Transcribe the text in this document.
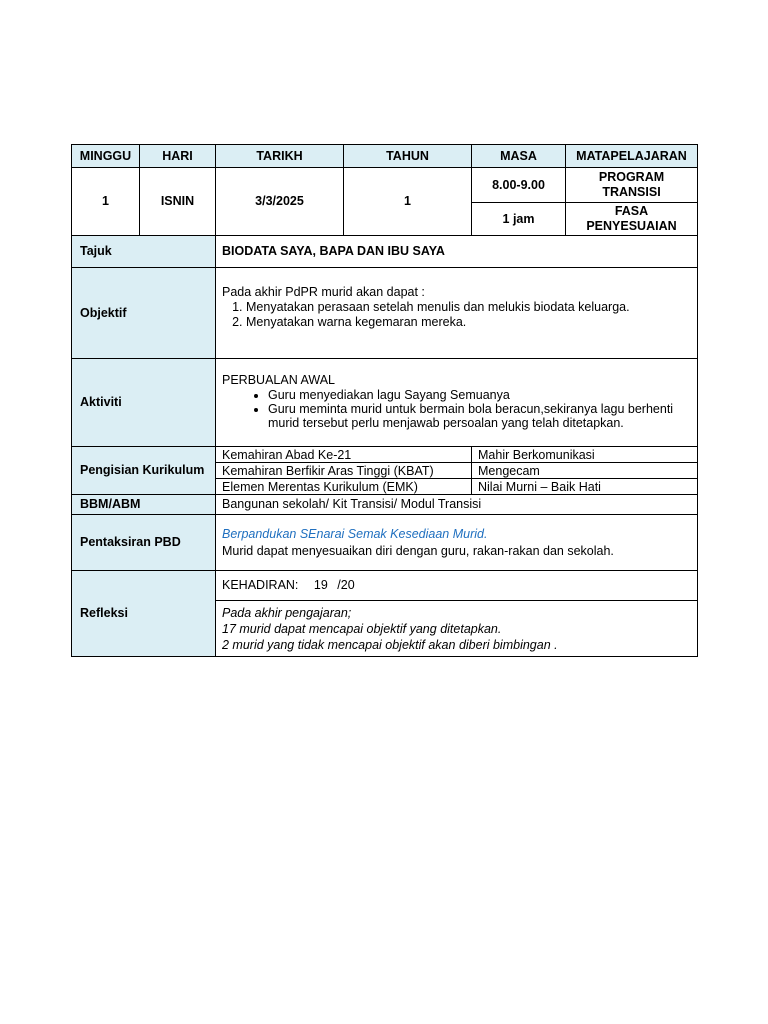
MINGGU	HARI	TARIKH	TAHUN	MASA	MATAPELAJARAN
1	ISNIN	3/3/2025	1	8.00-9.00	PROGRAM TRANSISI
1 jam	FASA PENYESUAIAN
Tajuk	BIODATA SAYA, BAPA DAN IBU SAYA
Objektif	
Pada akhir PdPR murid akan dapat :
1. Menyatakan perasaan setelah menulis dan melukis biodata keluarga.
2. Menyatakan warna kegemaran mereka.

Aktiviti	
PERBUALAN AWAL
• Guru menyediakan lagu Sayang Semuanya
• Guru meminta murid untuk bermain bola beracun,sekiranya lagu berhenti murid tersebut perlu menjawab persoalan yang telah ditetapkan.

Pengisian Kurikulum	
Kemahiran Abad Ke-21	Mahir Berkomunikasi
Kemahiran Berfikir Aras Tinggi (KBAT)	Mengecam
Elemen Merentas Kurikulum (EMK)	Nilai Murni – Baik Hati

BBM/ABM	Bangunan sekolah/ Kit Transisi/ Modul Transisi
Pentaksiran PBD	
Berpandukan SEnarai Semak Kesediaan Murid.
Murid dapat menyesuaikan diri dengan guru, rakan-rakan dan sekolah.

Refleksi	KEHADIRAN: 19 /20

Pada akhir pengajaran;
17 murid dapat mencapai objektif yang ditetapkan.
2 murid yang tidak mencapai objektif akan diberi bimbingan .
